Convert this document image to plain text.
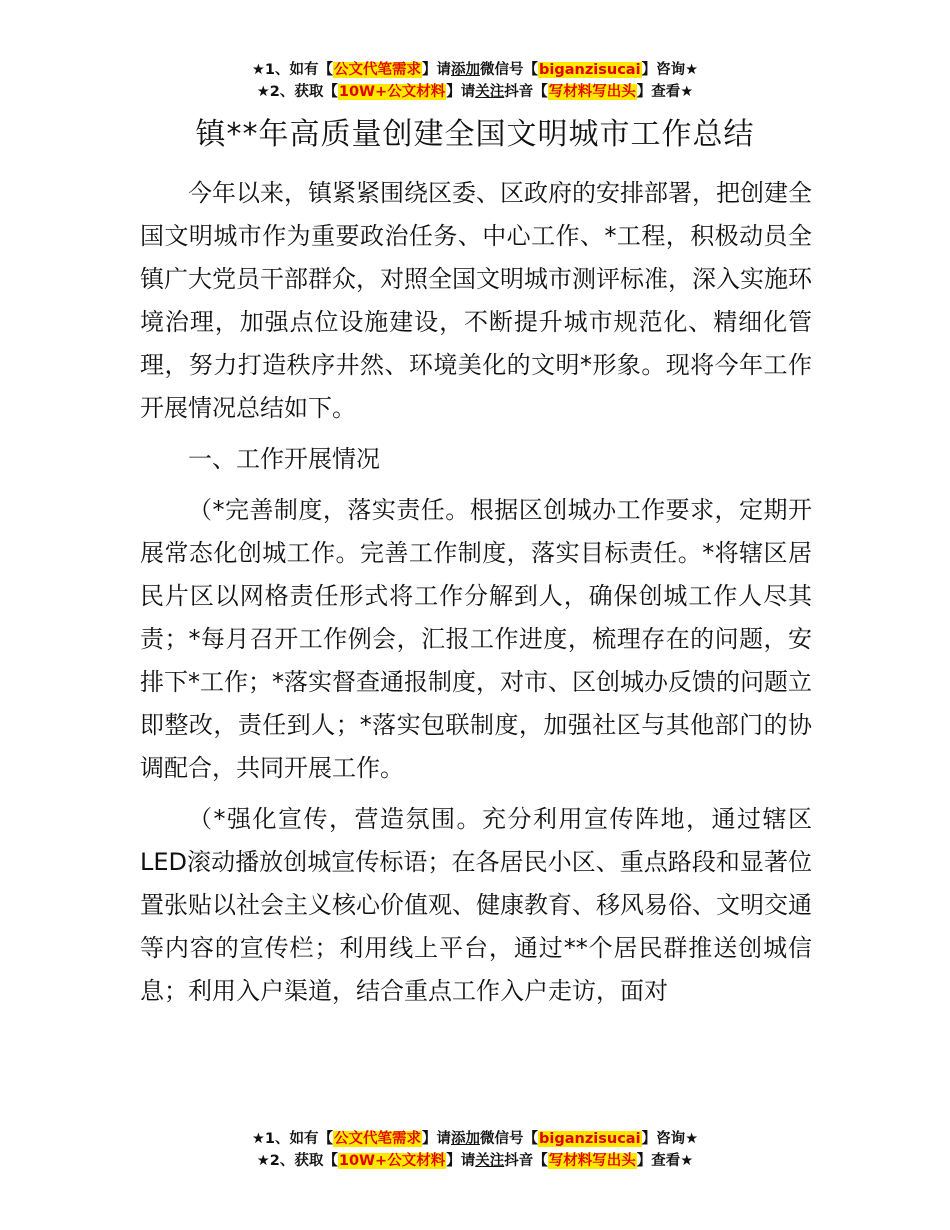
★1、如有【公文代笔需求】请添加微信号【biganzisucai】咨询★
★2、获取【10W+公文材料】请关注抖音【写材料写出头】查看★
镇**年高质量创建全国文明城市工作总结

今年以来，镇紧紧围绕区委、区政府的安排部署，把创建全国文明城市作为重要政治任务、中心工作、*工程，积极动员全镇广大党员干部群众，对照全国文明城市测评标准，深入实施环境治理，加强点位设施建设，不断提升城市规范化、精细化管理，努力打造秩序井然、环境美化的文明*形象。现将今年工作开展情况总结如下。

一、工作开展情况

（*完善制度，落实责任。根据区创城办工作要求，定期开展常态化创城工作。完善工作制度，落实目标责任。*将辖区居民片区以网格责任形式将工作分解到人，确保创城工作人尽其责；*每月召开工作例会，汇报工作进度，梳理存在的问题，安排下*工作；*落实督查通报制度，对市、区创城办反馈的问题立即整改，责任到人；*落实包联制度，加强社区与其他部门的协调配合，共同开展工作。

（*强化宣传，营造氛围。充分利用宣传阵地，通过辖区LED滚动播放创城宣传标语；在各居民小区、重点路段和显著位置张贴以社会主义核心价值观、健康教育、移风易俗、文明交通等内容的宣传栏；利用线上平台，通过**个居民群推送创城信息；利用入户渠道，结合重点工作入户走访，面对

★1、如有【公文代笔需求】请添加微信号【biganzisucai】咨询★
★2、获取【10W+公文材料】请关注抖音【写材料写出头】查看★
